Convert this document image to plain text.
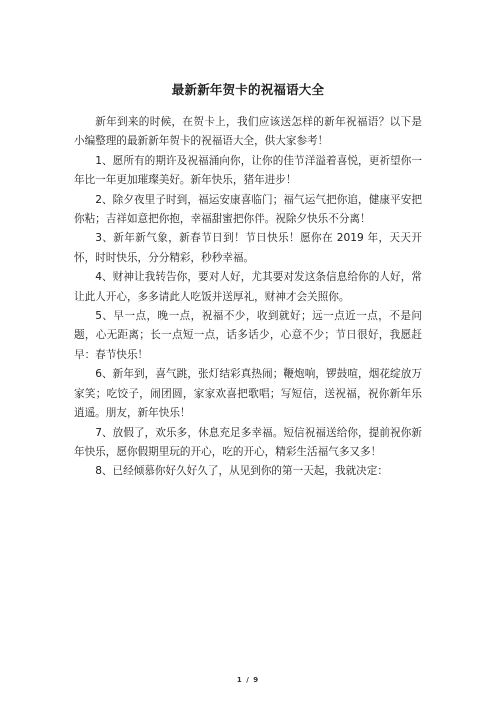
最新新年贺卡的祝福语大全

新年到来的时候，在贺卡上，我们应该送怎样的新年祝福语？以下是小编整理的最新新年贺卡的祝福语大全，供大家参考！

1、愿所有的期许及祝福涌向你，让你的佳节洋溢着喜悦，更祈望你一年比一年更加璀璨美好。新年快乐，猪年进步！

2、除夕夜里子时到，福运安康喜临门；福气运气把你追，健康平安把你粘；吉祥如意把你抱，幸福甜蜜把你伴。祝除夕快乐不分离！

3、新年新气象，新春节日到！节日快乐！愿你在 2019 年，天天开怀，时时快乐，分分精彩，秒秒幸福。

4、财神让我转告你，要对人好，尤其要对发这条信息给你的人好，常让此人开心，多多请此人吃饭并送厚礼，财神才会关照你。

5、早一点，晚一点，祝福不少，收到就好；远一点近一点，不是问题，心无距离；长一点短一点，话多话少，心意不少；节日很好，我愿赶早：春节快乐！

6、新年到，喜气跳，张灯结彩真热闹；鞭炮响，锣鼓喧，烟花绽放万家笑；吃饺子，闹团圆，家家欢喜把歌唱；写短信，送祝福，祝你新年乐逍遥。朋友，新年快乐！

7、放假了，欢乐多，休息充足多幸福。短信祝福送给你，提前祝你新年快乐，愿你假期里玩的开心，吃的开心，精彩生活福气多又多！

8、已经倾慕你好久好久了，从见到你的第一天起，我就决定：

1 / 9
